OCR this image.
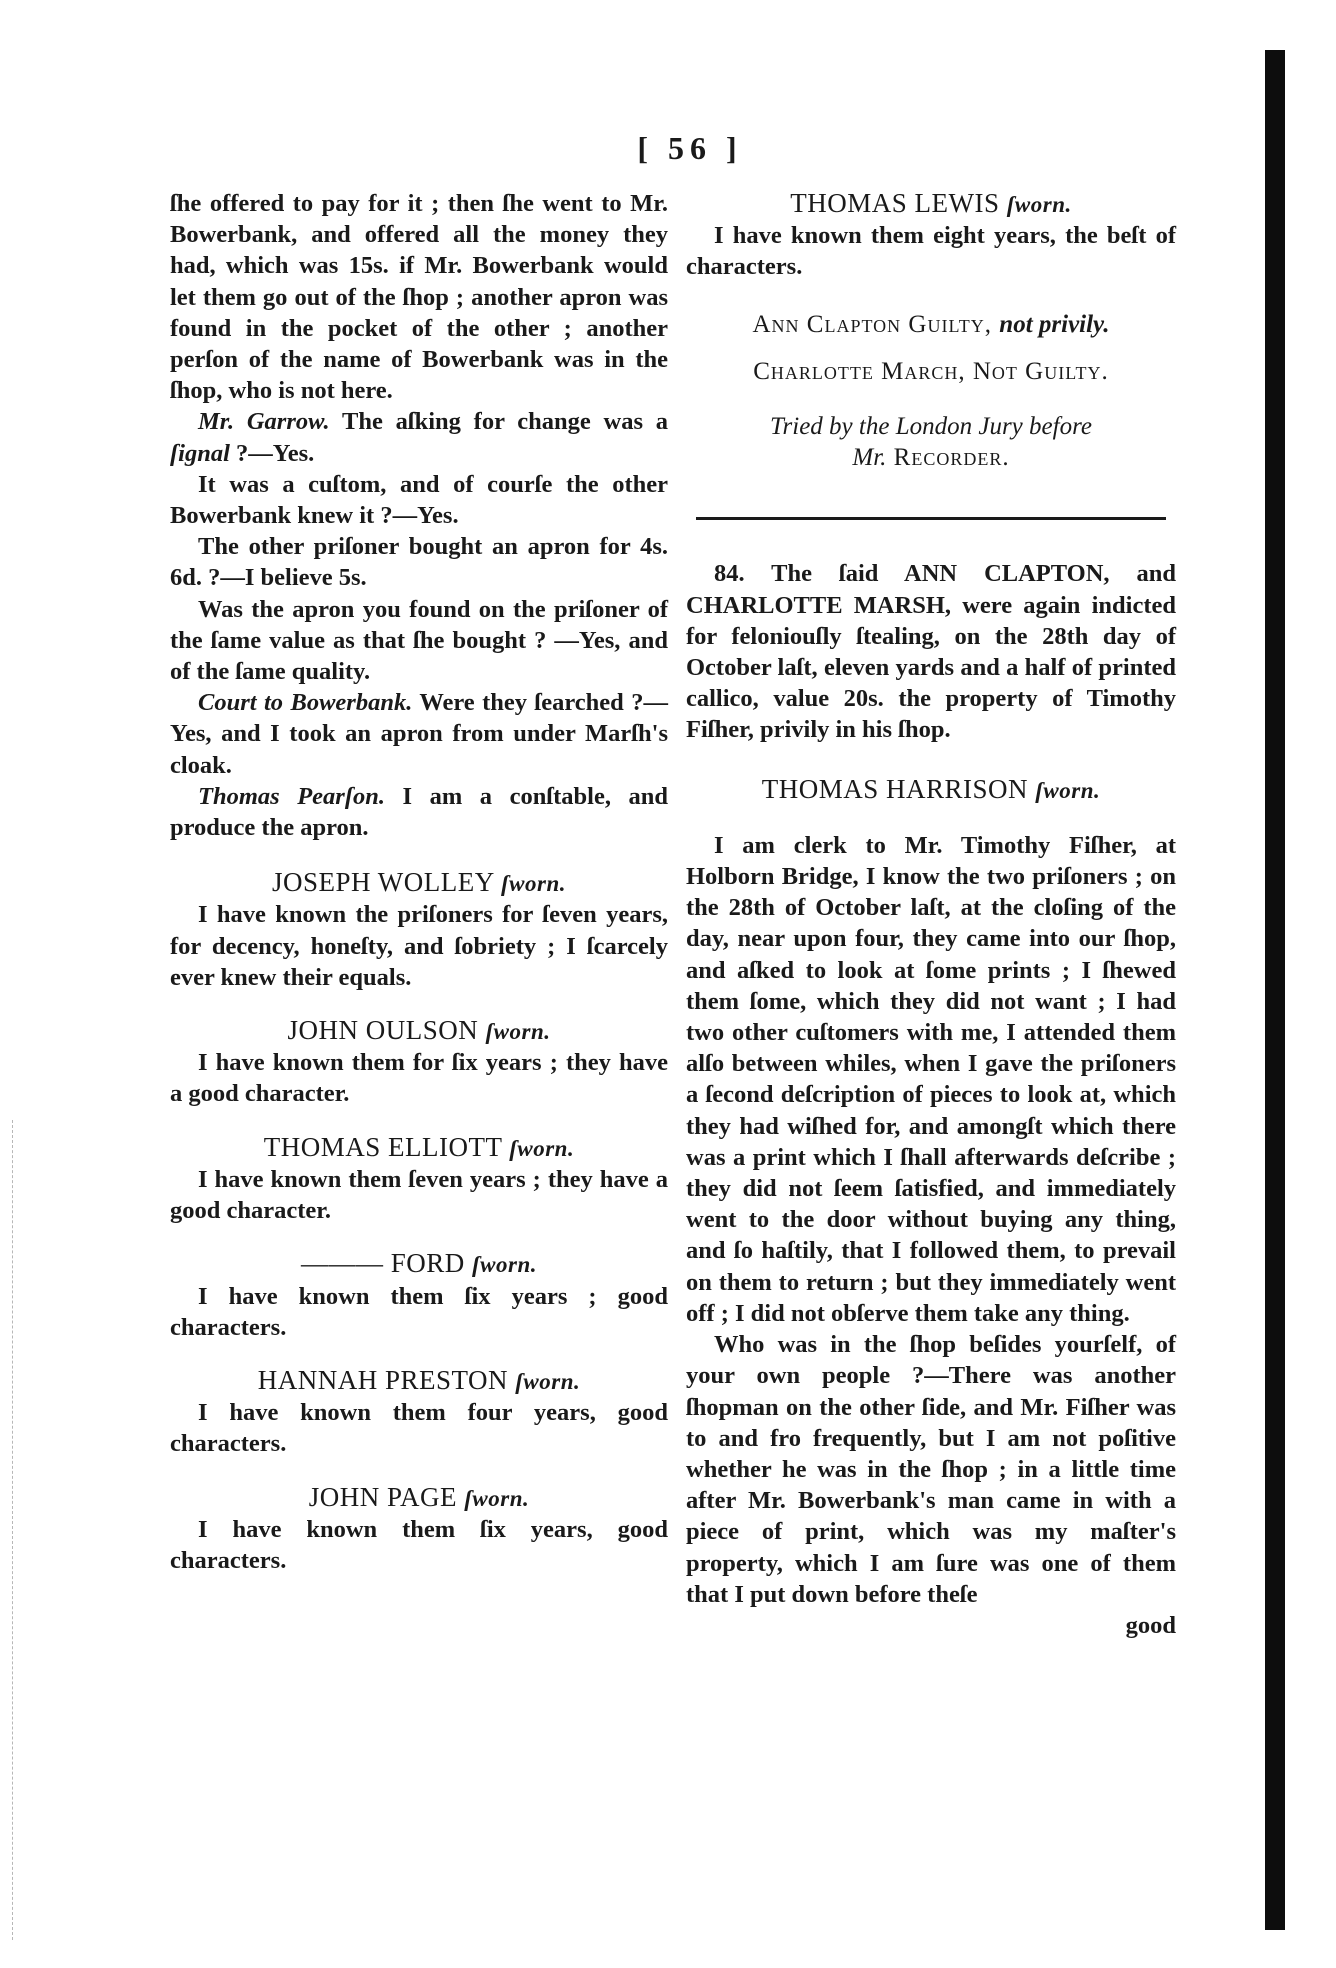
[ 56 ]

ſhe offered to pay for it ; then ſhe went to Mr. Bowerbank, and offered all the money they had, which was 15s. if Mr. Bowerbank would let them go out of the ſhop ; another apron was found in the pocket of the other ; another perſon of the name of Bowerbank was in the ſhop, who is not here.

Mr. Garrow. The aſking for change was a ſignal ?—Yes.

It was a cuſtom, and of courſe the other Bowerbank knew it ?—Yes.

The other priſoner bought an apron for 4s. 6d. ?—I believe 5s.

Was the apron you found on the priſoner of the ſame value as that ſhe bought ? —Yes, and of the ſame quality.

Court to Bowerbank. Were they ſearched ?—Yes, and I took an apron from under Marſh's cloak.

Thomas Pearſon. I am a conſtable, and produce the apron.

JOSEPH WOLLEY ſworn.

I have known the priſoners for ſeven years, for decency, honeſty, and ſobriety ; I ſcarcely ever knew their equals.

JOHN OULSON ſworn.

I have known them for ſix years ; they have a good character.

THOMAS ELLIOTT ſworn.

I have known them ſeven years ; they have a good character.

——— FORD ſworn.

I have known them ſix years ; good characters.

HANNAH PRESTON ſworn.

I have known them four years, good characters.

JOHN PAGE ſworn.

I have known them ſix years, good characters.

THOMAS LEWIS ſworn.

I have known them eight years, the beſt of characters.

Ann Clapton Guilty, not privily.

Charlotte March, Not Guilty.

Tried by the London Jury before

Mr. Recorder.

84. The ſaid ANN CLAPTON, and CHARLOTTE MARSH, were again indicted for feloniouſly ſtealing, on the 28th day of October laſt, eleven yards and a half of printed callico, value 20s. the property of Timothy Fiſher, privily in his ſhop.

THOMAS HARRISON ſworn.

I am clerk to Mr. Timothy Fiſher, at Holborn Bridge, I know the two priſoners ; on the 28th of October laſt, at the cloſing of the day, near upon four, they came into our ſhop, and aſked to look at ſome prints ; I ſhewed them ſome, which they did not want ; I had two other cuſtomers with me, I attended them alſo between whiles, when I gave the priſoners a ſecond deſcription of pieces to look at, which they had wiſhed for, and amongſt which there was a print which I ſhall afterwards deſcribe ; they did not ſeem ſatisfied, and immediately went to the door without buying any thing, and ſo haſtily, that I followed them, to prevail on them to return ; but they immediately went off ; I did not obſerve them take any thing.

Who was in the ſhop beſides yourſelf, of your own people ?—There was another ſhopman on the other ſide, and Mr. Fiſher was to and fro frequently, but I am not poſitive whether he was in the ſhop ; in a little time after Mr. Bowerbank's man came in with a piece of print, which was my maſter's property, which I am ſure was one of them that I put down before theſe

good
